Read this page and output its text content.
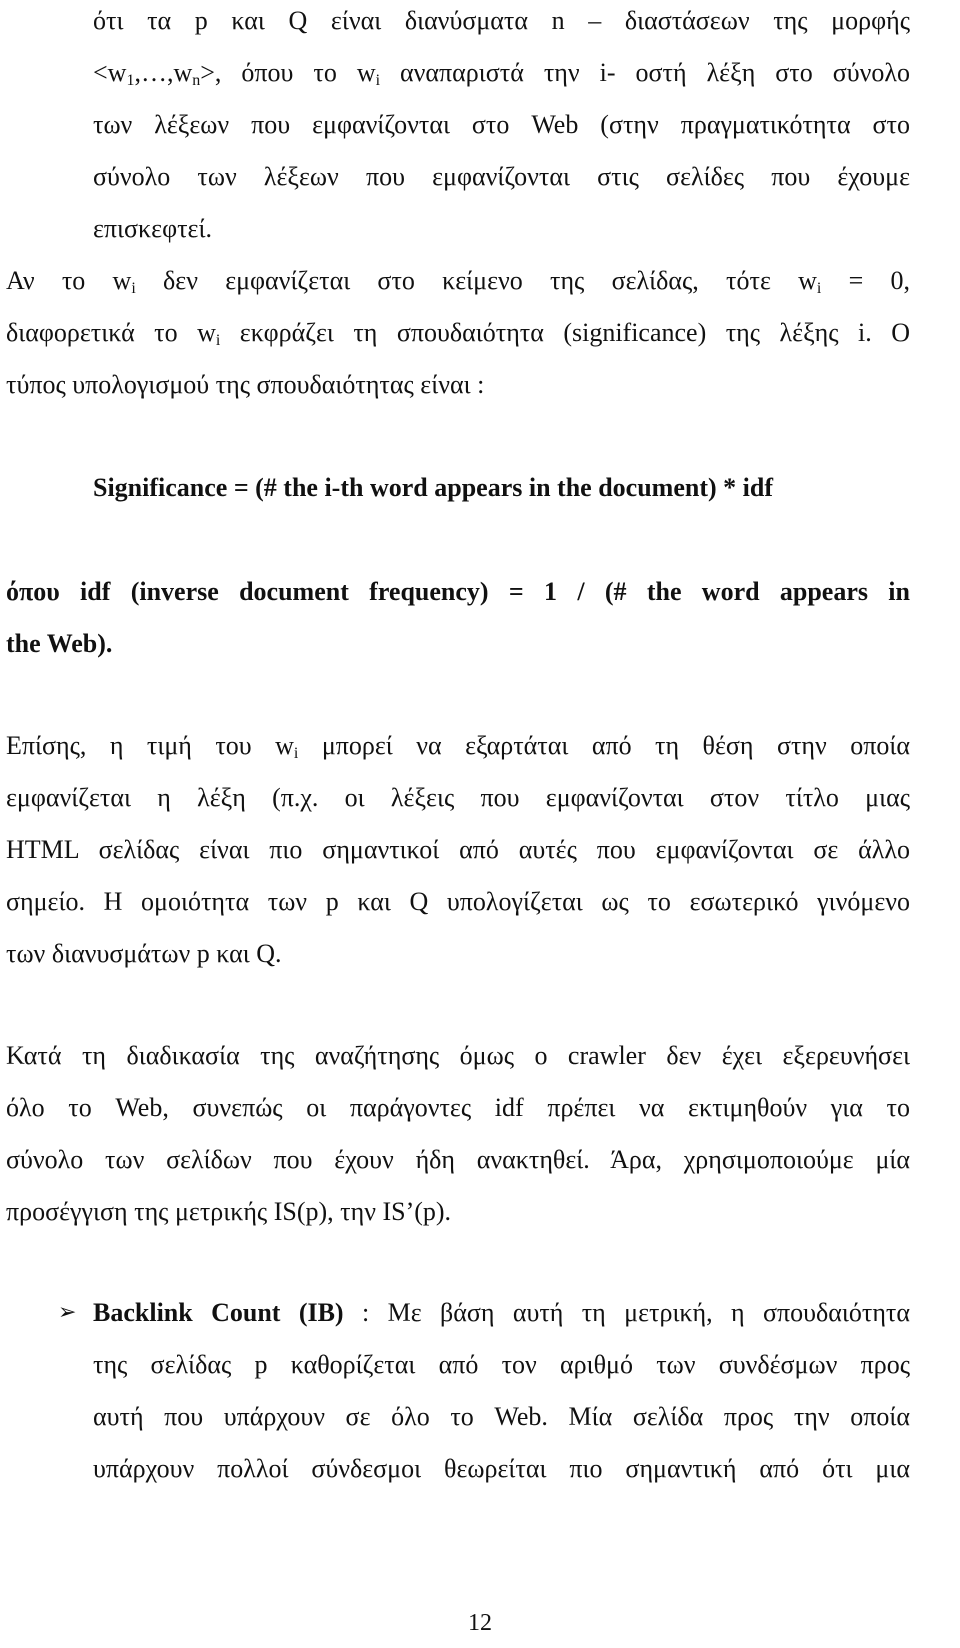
ότι τα p και Q είναι διανύσματα n – διαστάσεων της μορφής
$<w_1,\dots,w_n>$, όπου το $w_i$ αναπαριστά την i- οστή λέξη στο σύνολο
των λέξεων που εμφανίζονται στο Web (στην πραγματικότητα στο
σύνολο των λέξεων που εμφανίζονται στις σελίδες που έχουμε
επισκεφτεί.
Αν το $w_i$ δεν εμφανίζεται στο κείμενο της σελίδας, τότε $w_i = 0$,
διαφορετικά το $w_i$ εκφράζει τη σπουδαιότητα (significance) της λέξης i. Ο
τύπος υπολογισμού της σπουδαιότητας είναι :
Significance = (# the i-th word appears in the document) * idf
όπου idf (inverse document frequency) = 1 / (# the word appears in
the Web).
Επίσης, η τιμή του $w_i$ μπορεί να εξαρτάται από τη θέση στην οποία
εμφανίζεται η λέξη (π.χ. οι λέξεις που εμφανίζονται στον τίτλο μιας
HTML σελίδας είναι πιο σημαντικοί από αυτές που εμφανίζονται σε άλλο
σημείο. Η ομοιότητα των p και Q υπολογίζεται ως το εσωτερικό γινόμενο
των διανυσμάτων p και Q.
Κατά τη διαδικασία της αναζήτησης όμως ο crawler δεν έχει εξερευνήσει
όλο το Web, συνεπώς οι παράγοντες idf πρέπει να εκτιμηθούν για το
σύνολο των σελίδων που έχουν ήδη ανακτηθεί. Άρα, χρησιμοποιούμε μία
προσέγγιση της μετρικής IS(p), την IS’(p).
➢ Backlink Count (IB) : Με βάση αυτή τη μετρική, η σπουδαιότητα
της σελίδας p καθορίζεται από τον αριθμό των συνδέσμων προς
αυτή που υπάρχουν σε όλο το Web. Μία σελίδα προς την οποία
υπάρχουν πολλοί σύνδεσμοι θεωρείται πιο σημαντική από ότι μια
12
